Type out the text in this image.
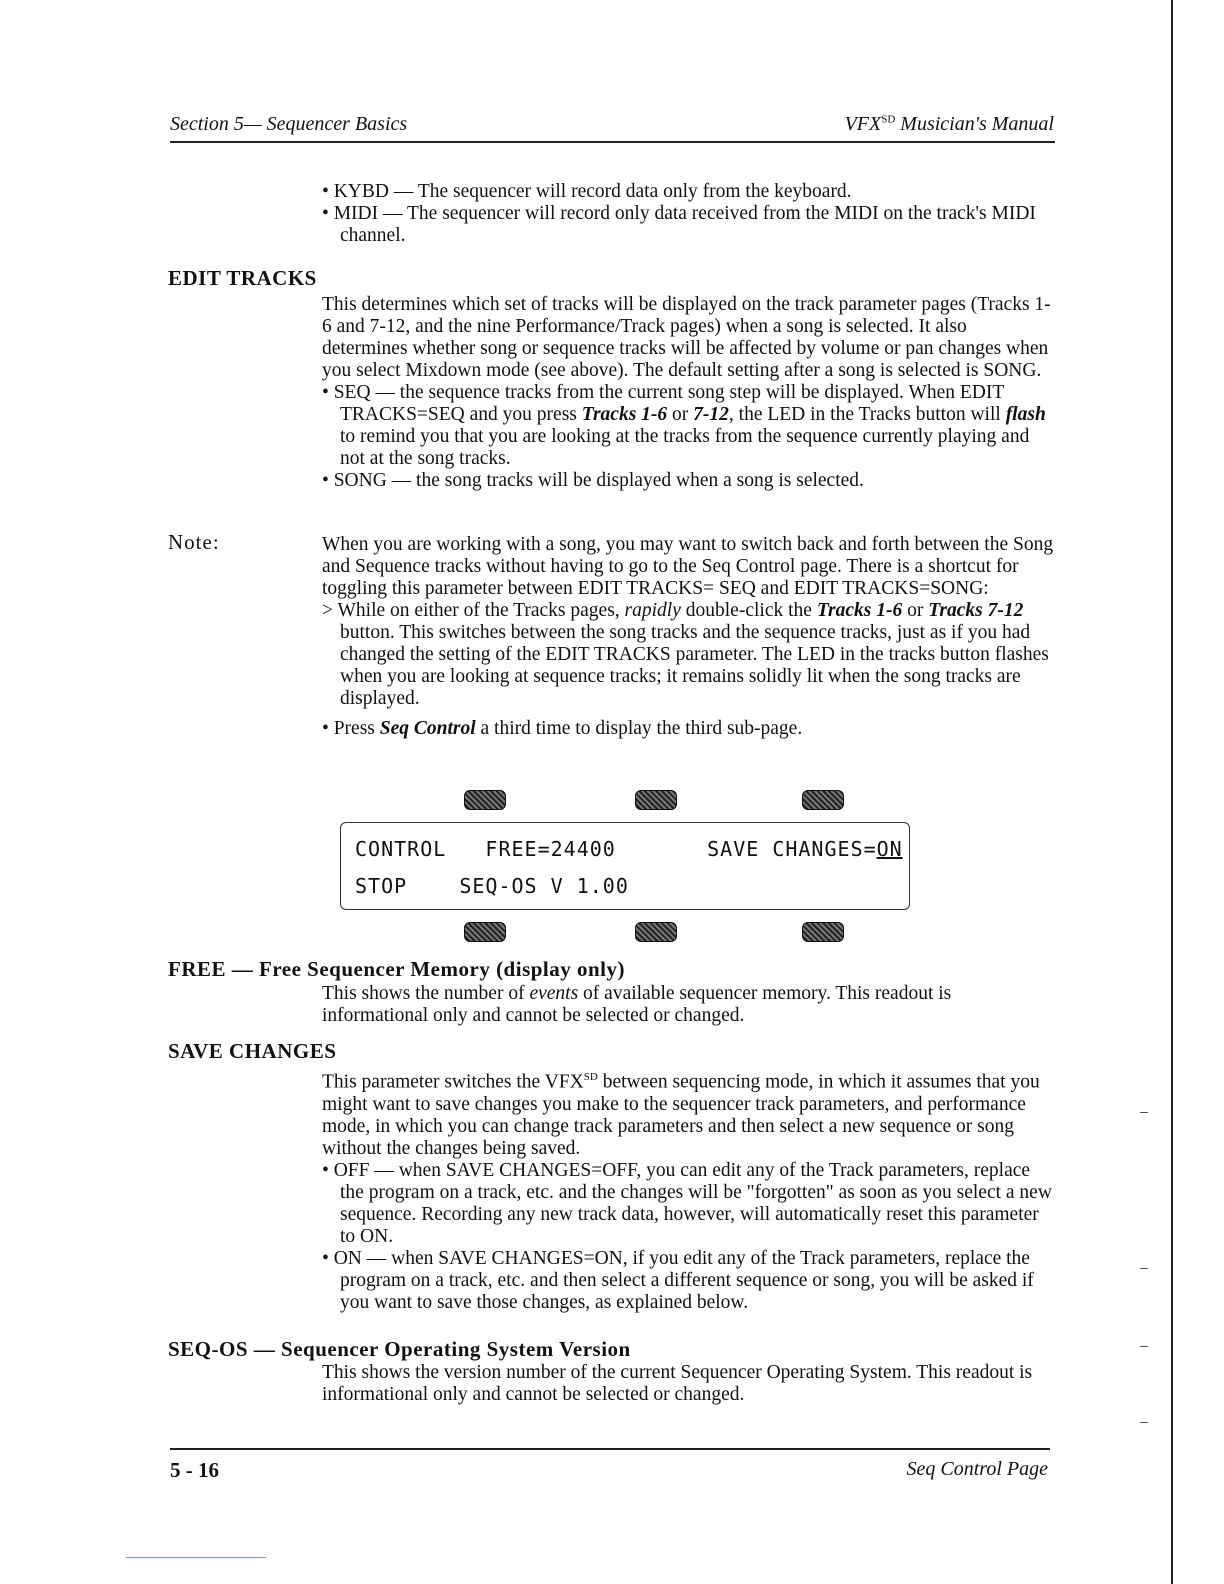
Section 5— Sequencer Basics	$VFX^{SD}$ Musician's Manual

• KYBD — The sequencer will record data only from the keyboard.

• MIDI — The sequencer will record only data received from the MIDI on the track's MIDI channel.

EDIT TRACKS

This determines which set of tracks will be displayed on the track parameter pages (Tracks 1-6 and 7-12, and the nine Performance/Track pages) when a song is selected. It also determines whether song or sequence tracks will be affected by volume or pan changes when you select Mixdown mode (see above). The default setting after a song is selected is SONG.

• SEQ — the sequence tracks from the current song step will be displayed. When EDIT TRACKS=SEQ and you press Tracks 1-6 or 7-12, the LED in the Tracks button will flash to remind you that you are looking at the tracks from the sequence currently playing and not at the song tracks.

• SONG — the song tracks will be displayed when a song is selected.

Note:	When you are working with a song, you may want to switch back and forth between the Song and Sequence tracks without having to go to the Seq Control page. There is a shortcut for toggling this parameter between EDIT TRACKS= SEQ and EDIT TRACKS=SONG:

> While on either of the Tracks pages, rapidly double-click the Tracks 1-6 or Tracks 7-12 button. This switches between the song tracks and the sequence tracks, just as if you had changed the setting of the EDIT TRACKS parameter. The LED in the tracks button flashes when you are looking at sequence tracks; it remains solidly lit when the song tracks are displayed.

• Press Seq Control a third time to display the third sub-page.

CONTROL   FREE=24400       SAVE CHANGES=ON
STOP    SEQ-OS V 1.00
FREE — Free Sequencer Memory (display only)

This shows the number of events of available sequencer memory. This readout is informational only and cannot be selected or changed.

SAVE CHANGES

This parameter switches the $VFX^{SD}$ between sequencing mode, in which it assumes that you might want to save changes you make to the sequencer track parameters, and performance mode, in which you can change track parameters and then select a new sequence or song without the changes being saved.

• OFF — when SAVE CHANGES=OFF, you can edit any of the Track parameters, replace the program on a track, etc. and the changes will be "forgotten" as soon as you select a new sequence. Recording any new track data, however, will automatically reset this parameter to ON.

• ON — when SAVE CHANGES=ON, if you edit any of the Track parameters, replace the program on a track, etc. and then select a different sequence or song, you will be asked if you want to save those changes, as explained below.

SEQ-OS — Sequencer Operating System Version

This shows the version number of the current Sequencer Operating System. This readout is informational only and cannot be selected or changed.

5 - 16	Seq Control Page
